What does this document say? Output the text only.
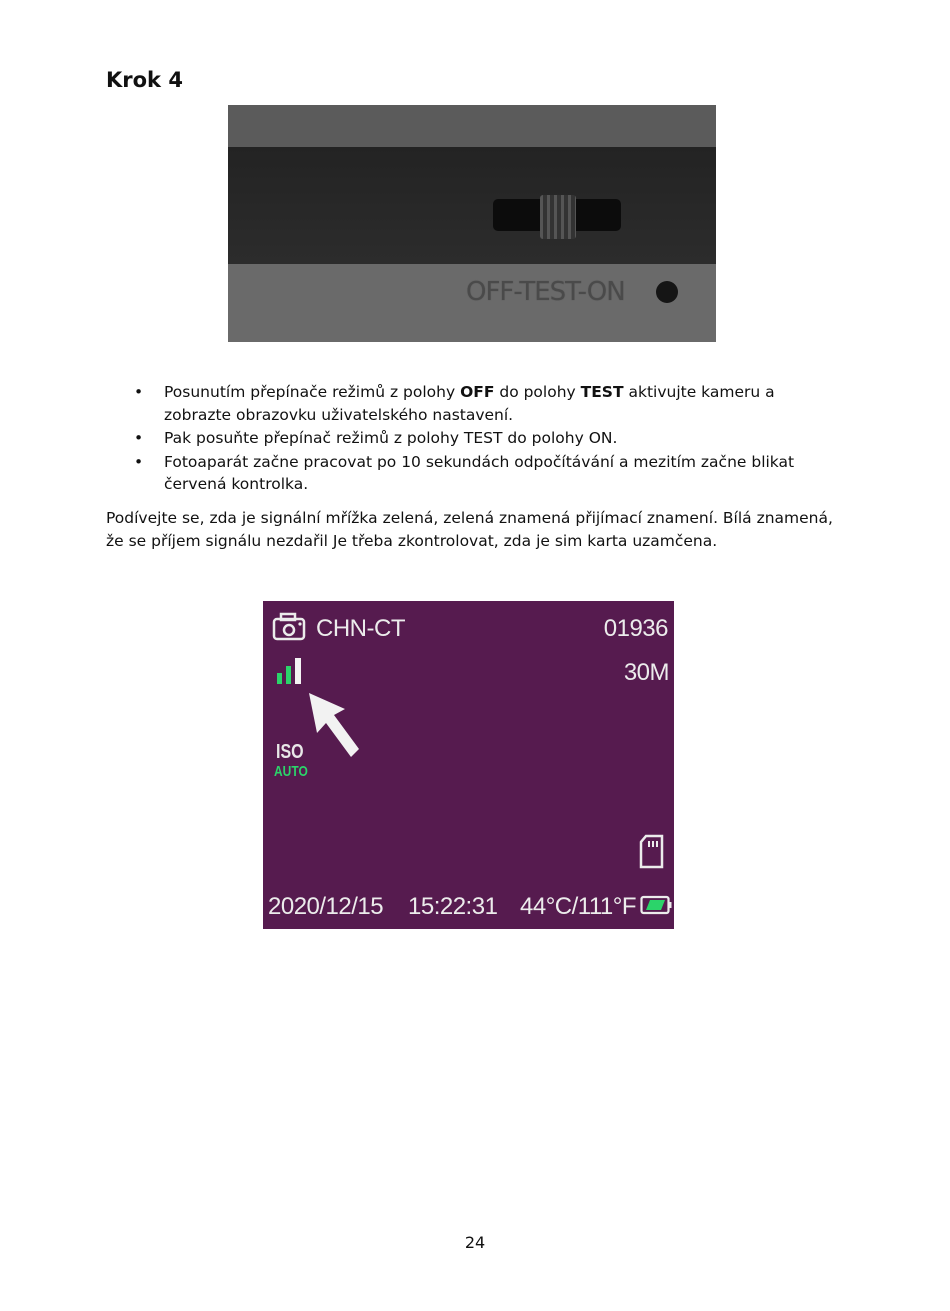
Krok 4
OFF-TEST-ON
• Posunutím přepínače režimů z polohy OFF do polohy TEST aktivujte kameru a zobrazte obrazovku uživatelského nastavení.
• Pak posuňte přepínač režimů z polohy TEST do polohy ON.
• Fotoaparát začne pracovat po 10 sekundách odpočítávání a mezitím začne blikat červená kontrolka.

Podívejte se, zda je signální mřížka zelená, zelená znamená přijímací znamení. Bílá znamená, že se příjem signálu nezdařil Je třeba zkontrolovat, zda je sim karta uzamčena.

CHN-CT	01936
30M
ISO
AUTO
2020/12/15 15:22:31 44°C/111°F
24
